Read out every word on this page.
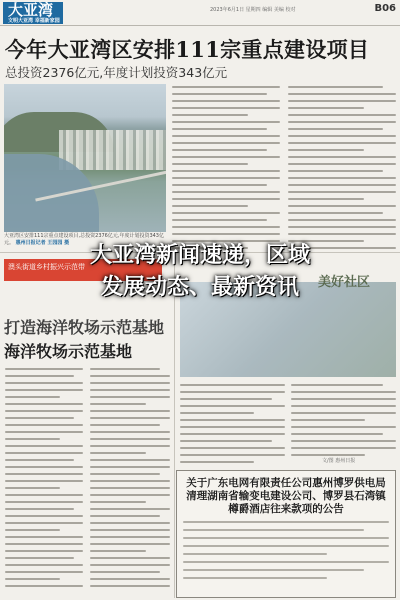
大亚湾
文明大亚湾 幸福新家园
2023年6月1日 星期四 编辑 美编 校对	B06
今年大亚湾区安排111宗重点建设项目
总投资2376亿元,年度计划投资343亿元
大亚湾区安排111宗重点建设项目,总投资2376亿元,年度计划投资343亿元。 惠州日报记者 王园园 摄
澳头街道乡村振兴示范带
打造海洋牧场示范基地
海洋牧场示范基地
美好社区
文/图 惠州日报
关于广东电网有限责任公司惠州博罗供电局清理湖南省输变电建设公司、博罗县石湾镇樽爵酒店往来款项的公告
大亚湾新闻速递，区域
发展动态、最新资讯
